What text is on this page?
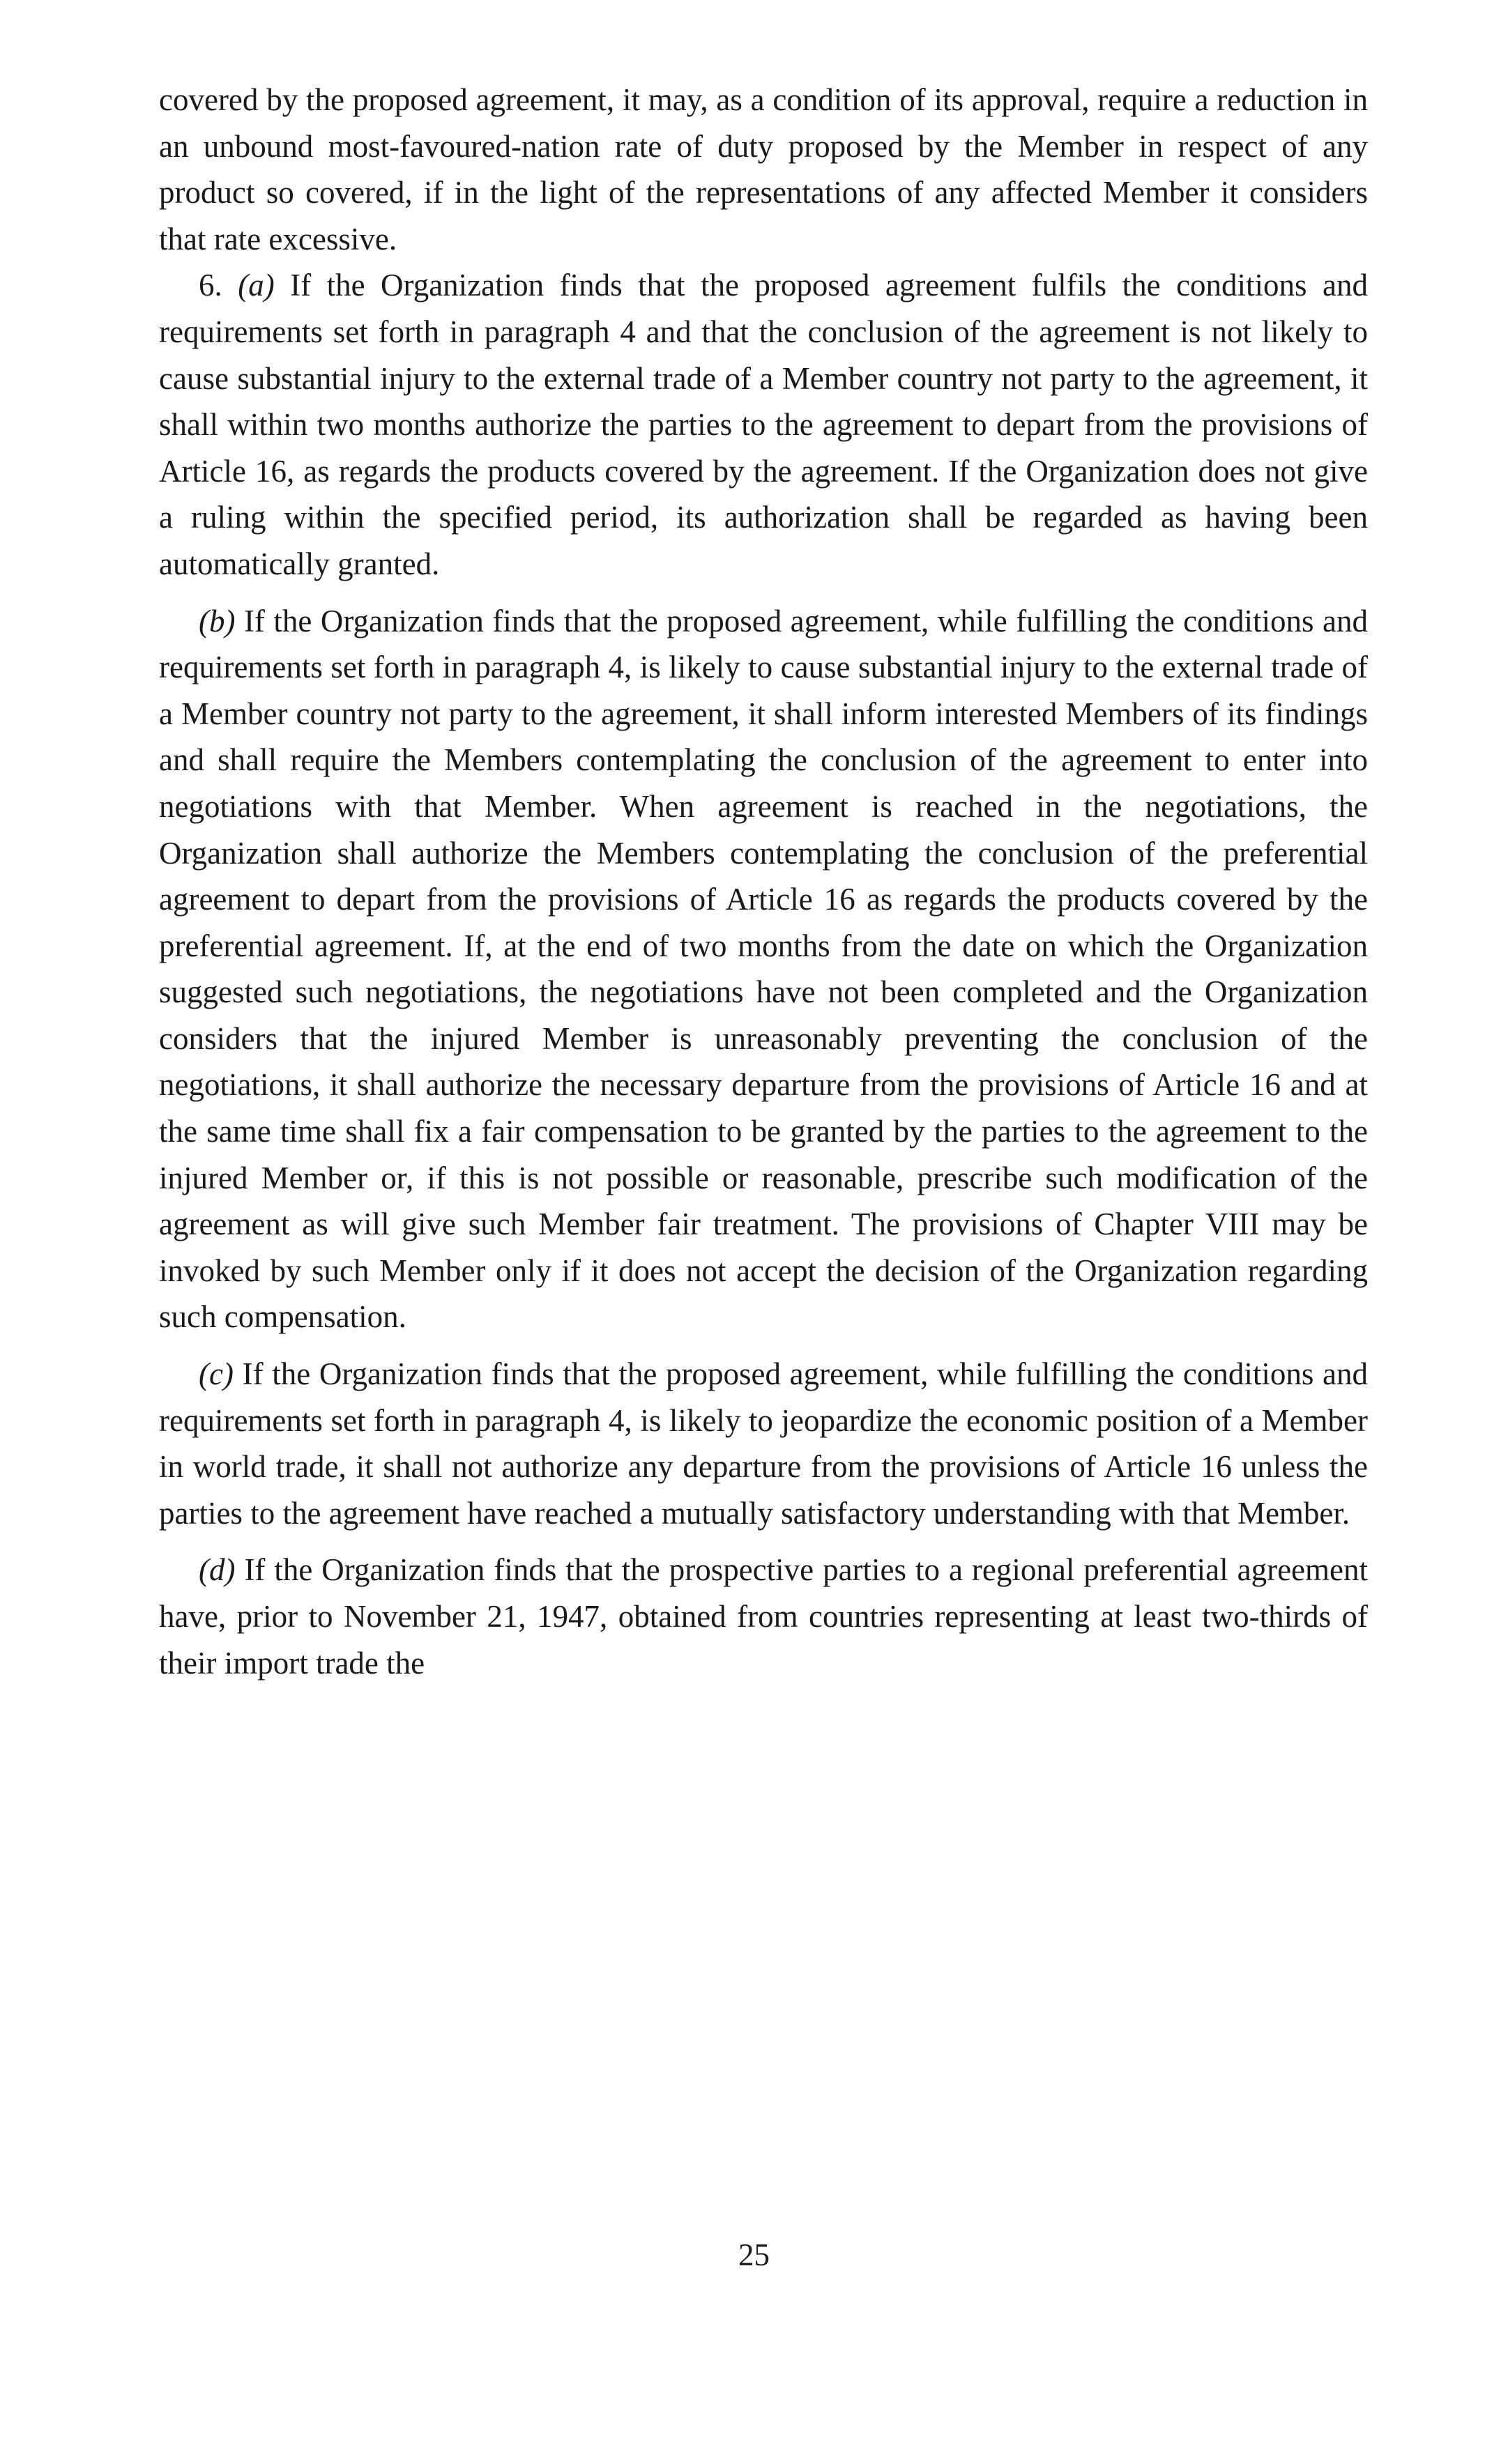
covered by the proposed agreement, it may, as a condition of its approval, require a reduction in an unbound most-favoured-nation rate of duty proposed by the Member in respect of any product so covered, if in the light of the representations of any affected Member it considers that rate excessive.

6. (a) If the Organization finds that the proposed agreement fulfils the conditions and requirements set forth in paragraph 4 and that the conclusion of the agreement is not likely to cause substantial injury to the external trade of a Member country not party to the agreement, it shall within two months authorize the parties to the agreement to depart from the provisions of Article 16, as regards the products covered by the agreement. If the Organization does not give a ruling within the specified period, its authorization shall be regarded as having been automatically granted.

(b) If the Organization finds that the proposed agreement, while fulfilling the conditions and requirements set forth in paragraph 4, is likely to cause substantial injury to the external trade of a Member country not party to the agreement, it shall inform interested Members of its findings and shall require the Members contemplating the conclusion of the agreement to enter into negotiations with that Member. When agreement is reached in the negotiations, the Organization shall authorize the Members contemplating the conclusion of the preferential agreement to depart from the provisions of Article 16 as regards the products covered by the preferential agreement. If, at the end of two months from the date on which the Organization suggested such negotiations, the negotiations have not been completed and the Organization considers that the injured Member is unreasonably preventing the conclusion of the negotiations, it shall authorize the necessary departure from the provisions of Article 16 and at the same time shall fix a fair compensation to be granted by the parties to the agreement to the injured Member or, if this is not possible or reasonable, prescribe such modification of the agreement as will give such Member fair treatment. The provisions of Chapter VIII may be invoked by such Member only if it does not accept the decision of the Organization regarding such compensation.

(c) If the Organization finds that the proposed agreement, while fulfilling the conditions and requirements set forth in paragraph 4, is likely to jeopardize the economic position of a Member in world trade, it shall not authorize any departure from the provisions of Article 16 unless the parties to the agreement have reached a mutually satisfactory understanding with that Member.

(d) If the Organization finds that the prospective parties to a regional preferential agreement have, prior to November 21, 1947, obtained from countries representing at least two-thirds of their import trade the

25
